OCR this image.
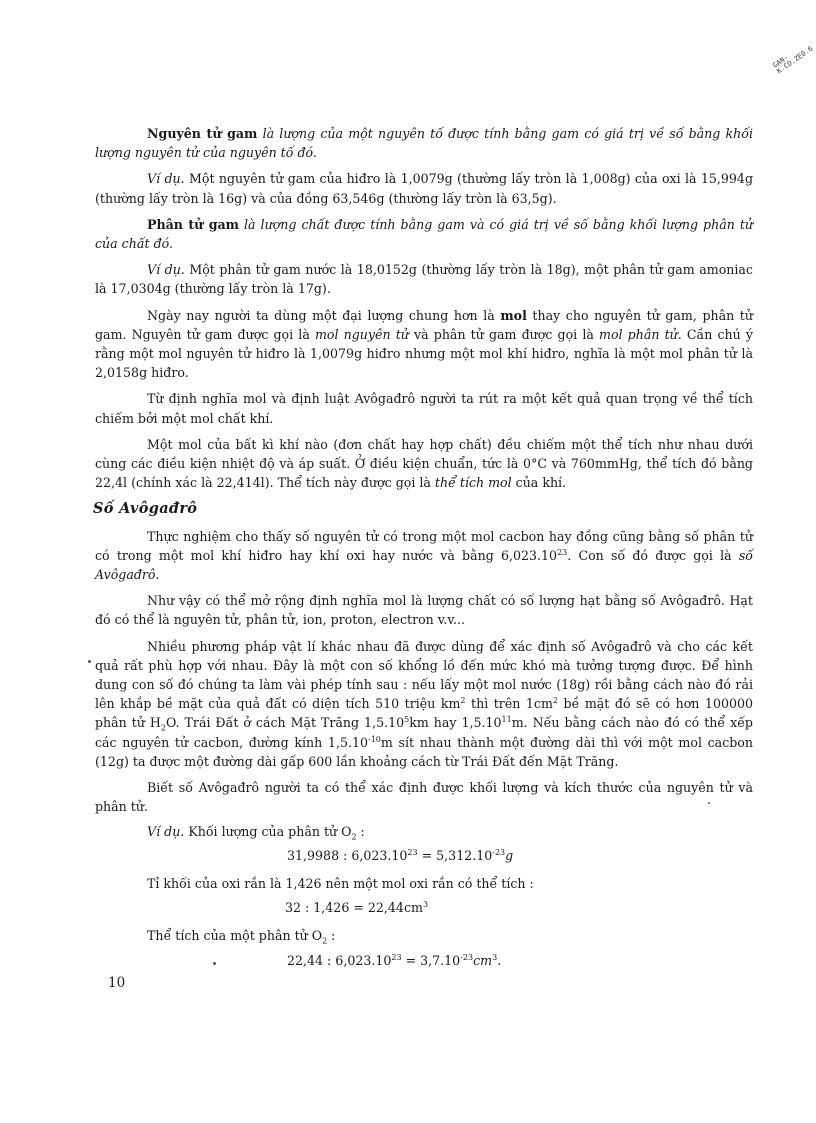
GAN-K.CD.ZE0.6

Nguyên tử gam là lượng của một nguyên tố được tính bằng gam có giá trị về số bằng khối lượng nguyên tử của nguyên tố đó.

Ví dụ. Một nguyên tử gam của hiđro là 1,0079g (thường lấy tròn là 1,008g) của oxi là 15,994g (thường lấy tròn là 16g) và của đồng 63,546g (thường lấy tròn là 63,5g).

Phân tử gam là lượng chất được tính bằng gam và có giá trị về số bằng khối lượng phân tử của chất đó.

Ví dụ. Một phân tử gam nước là 18,0152g (thường lấy tròn là 18g), một phân tử gam amoniac là 17,0304g (thường lấy tròn là 17g).

Ngày nay người ta dùng một đại lượng chung hơn là mol thay cho nguyên tử gam, phân tử gam. Nguyên tử gam được gọi là mol nguyên tử và phân tử gam được gọi là mol phân tử. Cần chú ý rằng một mol nguyên tử hiđro là 1,0079g hiđro nhưng một mol khí hiđro, nghĩa là một mol phân tử là 2,0158g hiđro.

Từ định nghĩa mol và định luật Avôgađrô người ta rút ra một kết quả quan trọng về thể tích chiếm bởi một mol chất khí.

Một mol của bất kì khí nào (đơn chất hay hợp chất) đều chiếm một thể tích như nhau dưới cùng các điều kiện nhiệt độ và áp suất. Ở điều kiện chuẩn, tức là 0°C và 760mmHg, thể tích đó bằng 22,4l (chính xác là 22,414l). Thể tích này được gọi là thể tích mol của khí.

Số Avôgađrô

Thực nghiệm cho thấy số nguyên tử có trong một mol cacbon hay đồng cũng bằng số phân tử có trong một mol khí hiđro hay khí oxi hay nước và bằng 6,023.10$^{23}$. Con số đó được gọi là số Avôgađrô.

Như vậy có thể mở rộng định nghĩa mol là lượng chất có số lượng hạt bằng số Avôgađrô. Hạt đó có thể là nguyên tử, phân tử, ion, proton, electron v.v...

Nhiều phương pháp vật lí khác nhau đã được dùng để xác định số Avôgađrô và cho các kết quả rất phù hợp với nhau. Đây là một con số khổng lồ đến mức khó mà tưởng tượng được. Để hình dung con số đó chúng ta làm vài phép tính sau : nếu lấy một mol nước (18g) rồi bằng cách nào đó rải lên khắp bề mặt của quả đất có diện tích 510 triệu $km^2$ thì trên $1cm^2$ bề mặt đó sẽ có hơn 100000 phân tử $H_2O$. Trái Đất ở cách Mặt Trăng 1,5.10$^5$km hay 1,5.10$^{11}$m. Nếu bằng cách nào đó có thể xếp các nguyên tử cacbon, đường kính $1,5.10^{-10}m$ sít nhau thành một đường dài thì với một mol cacbon (12g) ta được một đường dài gấp 600 lần khoảng cách từ Trái Đất đến Mặt Trăng.

Biết số Avôgađrô người ta có thể xác định được khối lượng và kích thước của nguyên tử và phân tử.

Ví dụ. Khối lượng của phân tử $O_2$ :

31,9988 : $6,023.10^{23} = 5,312.10^{-23}g$

Tỉ khối của oxi rắn là 1,426 nên một mol oxi rắn có thể tích :

32 : $1,426 = 22,44cm^3$

Thể tích của một phân tử $O_2$ :

22,44 : $6,023.10^{23} = 3,7.10^{-23}cm^3$.
10
